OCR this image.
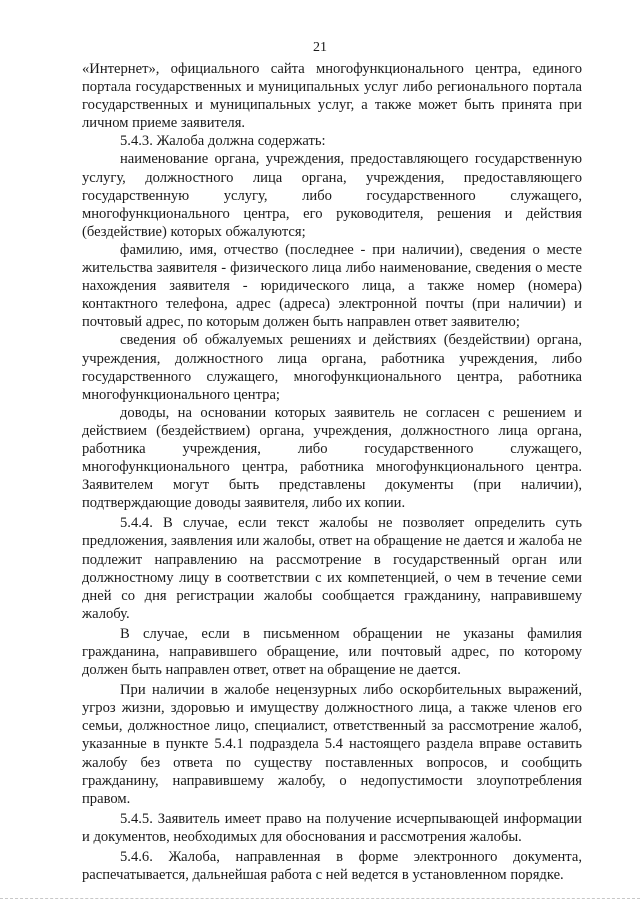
21

«Интернет», официального сайта многофункционального центра, единого портала государственных и муниципальных услуг либо регионального портала государственных и муниципальных услуг, а также может быть принята при личном приеме заявителя.

5.4.3. Жалоба должна содержать:

наименование органа, учреждения, предоставляющего государственную услугу, должностного лица органа, учреждения, предоставляющего государственную услугу, либо государственного служащего, многофункционального центра, его руководителя, решения и действия (бездействие) которых обжалуются;

фамилию, имя, отчество (последнее - при наличии), сведения о месте жительства заявителя - физического лица либо наименование, сведения о месте нахождения заявителя - юридического лица, а также номер (номера) контактного телефона, адрес (адреса) электронной почты (при наличии) и почтовый адрес, по которым должен быть направлен ответ заявителю;

сведения об обжалуемых решениях и действиях (бездействии) органа, учреждения, должностного лица органа, работника учреждения, либо государственного служащего, многофункционального центра, работника многофункционального центра;

доводы, на основании которых заявитель не согласен с решением и действием (бездействием) органа, учреждения, должностного лица органа, работника учреждения, либо государственного служащего, многофункционального центра, работника многофункционального центра. Заявителем могут быть представлены документы (при наличии), подтверждающие доводы заявителя, либо их копии.

5.4.4. В случае, если текст жалобы не позволяет определить суть предложения, заявления или жалобы, ответ на обращение не дается и жалоба не подлежит направлению на рассмотрение в государственный орган или должностному лицу в соответствии с их компетенцией, о чем в течение семи дней со дня регистрации жалобы сообщается гражданину, направившему жалобу.

В случае, если в письменном обращении не указаны фамилия гражданина, направившего обращение, или почтовый адрес, по которому должен быть направлен ответ, ответ на обращение не дается.

При наличии в жалобе нецензурных либо оскорбительных выражений, угроз жизни, здоровью и имуществу должностного лица, а также членов его семьи, должностное лицо, специалист, ответственный за рассмотрение жалоб, указанные в пункте 5.4.1 подраздела 5.4 настоящего раздела вправе оставить жалобу без ответа по существу поставленных вопросов, и сообщить гражданину, направившему жалобу, о недопустимости злоупотребления правом.

5.4.5. Заявитель имеет право на получение исчерпывающей информации и документов, необходимых для обоснования и рассмотрения жалобы.

5.4.6. Жалоба, направленная в форме электронного документа, распечатывается, дальнейшая работа с ней ведется в установленном порядке.
